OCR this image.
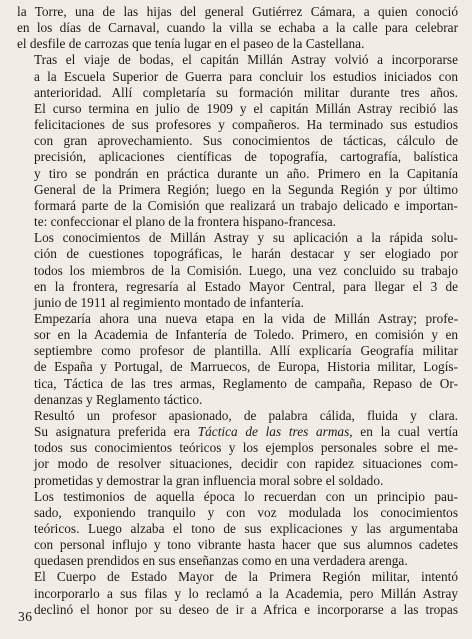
la Torre, una de las hijas del general Gutiérrez Cámara, a quien conoció
en los días de Carnaval, cuando la villa se echaba a la calle para celebrar
el desfile de carrozas que tenía lugar en el paseo de la Castellana.

Tras el viaje de bodas, el capitán Millán Astray volvió a incorporarse
a la Escuela Superior de Guerra para concluir los estudios iniciados con
anterioridad. Allí completaría su formación militar durante tres años.
El curso termina en julio de 1909 y el capitán Millán Astray recibió las
felicitaciones de sus profesores y compañeros. Ha terminado sus estudios
con gran aprovechamiento. Sus conocimientos de tácticas, cálculo de
precisión, aplicaciones científicas de topografía, cartografía, balística
y tiro se pondrán en práctica durante un año. Primero en la Capitanía
General de la Primera Región; luego en la Segunda Región y por último
formará parte de la Comisión que realizará un trabajo delicado e importan-
te: confeccionar el plano de la frontera hispano-francesa.

Los conocimientos de Millán Astray y su aplicación a la rápida solu-
ción de cuestiones topográficas, le harán destacar y ser elogiado por
todos los miembros de la Comisión. Luego, una vez concluido su trabajo
en la frontera, regresaría al Estado Mayor Central, para llegar el 3 de
junio de 1911 al regimiento montado de infantería.

Empezaría ahora una nueva etapa en la vida de Millán Astray; profe-
sor en la Academia de Infantería de Toledo. Primero, en comisión y en
septiembre como profesor de plantilla. Allí explicaría Geografía militar
de España y Portugal, de Marruecos, de Europa, Historia militar, Logís-
tica, Táctica de las tres armas, Reglamento de campaña, Repaso de Or-
denanzas y Reglamento táctico.

Resultó un profesor apasionado, de palabra cálida, fluida y clara.
Su asignatura preferida era Táctica de las tres armas, en la cual vertía
todos sus conocimientos teóricos y los ejemplos personales sobre el me-
jor modo de resolver situaciones, decidir con rapidez situaciones com-
prometidas y demostrar la gran influencia moral sobre el soldado.

Los testimonios de aquella época lo recuerdan con un principio pau-
sado, exponiendo tranquilo y con voz modulada los conocimientos
teóricos. Luego alzaba el tono de sus explicaciones y las argumentaba
con personal influjo y tono vibrante hasta hacer que sus alumnos cadetes
quedasen prendidos en sus enseñanzas como en una verdadera arenga.

El Cuerpo de Estado Mayor de la Primera Región militar, intentó
incorporarlo a sus filas y lo reclamó a la Academia, pero Millán Astray
declinó el honor por su deseo de ir a Africa e incorporarse a las tropas

36
